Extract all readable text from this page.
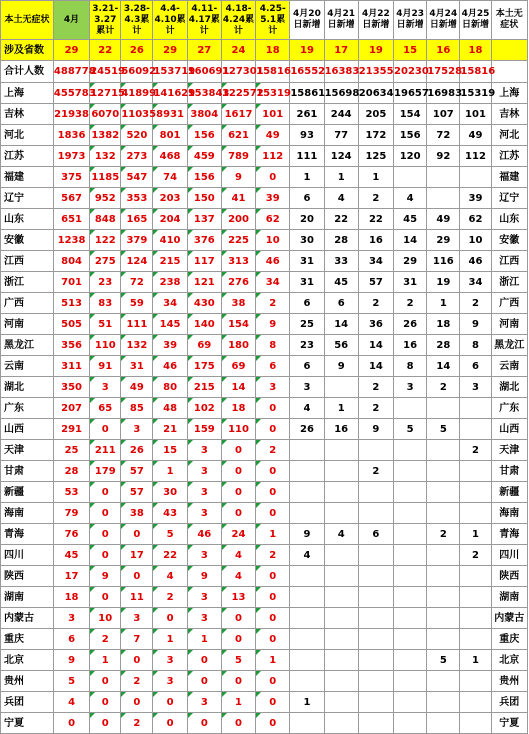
本土无症状	4月	3.21-3.27累计	3.28-4.3累计	4.4-4.10累计	4.11-4.17累计	4.18-4.24累计	4.25-5.1累计	4月20日新增	4月21日新增	4月22日新增	4月23日新增	4月24日新增	4月25日新增	本土无症状
涉及省数	29	22	26	29	27	24	18	19	17	19	15	16	18	
合计人数	488778	24519	56092	153719	160691	127301	15816	16552	16383	21355	20230	17528	15816	
上海	455783	12715	41899	141629	153843	122572	15319	15861	15698	20634	19657	16983	15319	上海
吉林	21938	6070	11035	8931	3804	1617	101	261	244	205	154	107	101	吉林
河北	1836	1382	520	801	156	621	49	93	77	172	156	72	49	河北
江苏	1973	132	273	468	459	789	112	111	124	125	120	92	112	江苏
福建	375	1185	547	74	156	9	0	1	1	1				福建
辽宁	567	952	353	203	150	41	39	6	4	2	4		39	辽宁
山东	651	848	165	204	137	200	62	20	22	22	45	49	62	山东
安徽	1238	122	379	410	376	225	10	30	28	16	14	29	10	安徽
江西	804	275	124	215	117	313	46	31	33	34	29	116	46	江西
浙江	701	23	72	238	121	276	34	31	45	57	31	19	34	浙江
广西	513	83	59	34	430	38	2	6	6	2	2	1	2	广西
河南	505	51	111	145	140	154	9	25	14	36	26	18	9	河南
黑龙江	356	110	132	39	69	180	8	23	56	14	16	28	8	黑龙江
云南	311	91	31	46	175	69	6	6	9	14	8	14	6	云南
湖北	350	3	49	80	215	14	3	3		2	3	2	3	湖北
广东	207	65	85	48	102	18	0	4	1	2				广东
山西	291	0	3	21	159	110	0	26	16	9	5	5		山西
天津	25	211	26	15	3	0	2						2	天津
甘肃	28	179	57	1	3	0	0			2				甘肃
新疆	53	0	57	30	3	0	0							新疆
海南	79	0	38	43	3	0	0							海南
青海	76	0	0	5	46	24	1	9	4	6		2	1	青海
四川	45	0	17	22	3	4	2	4					2	四川
陕西	17	9	0	4	9	4	0							陕西
湖南	18	0	11	2	3	13	0							湖南
内蒙古	3	10	3	0	3	0	0							内蒙古
重庆	6	2	7	1	1	0	0							重庆
北京	9	1	0	3	0	5	1					5	1	北京
贵州	5	0	2	3	0	0	0							贵州
兵团	4	0	0	0	3	1	0	1						兵团
宁夏	0	0	2	0	0	0	0							宁夏
